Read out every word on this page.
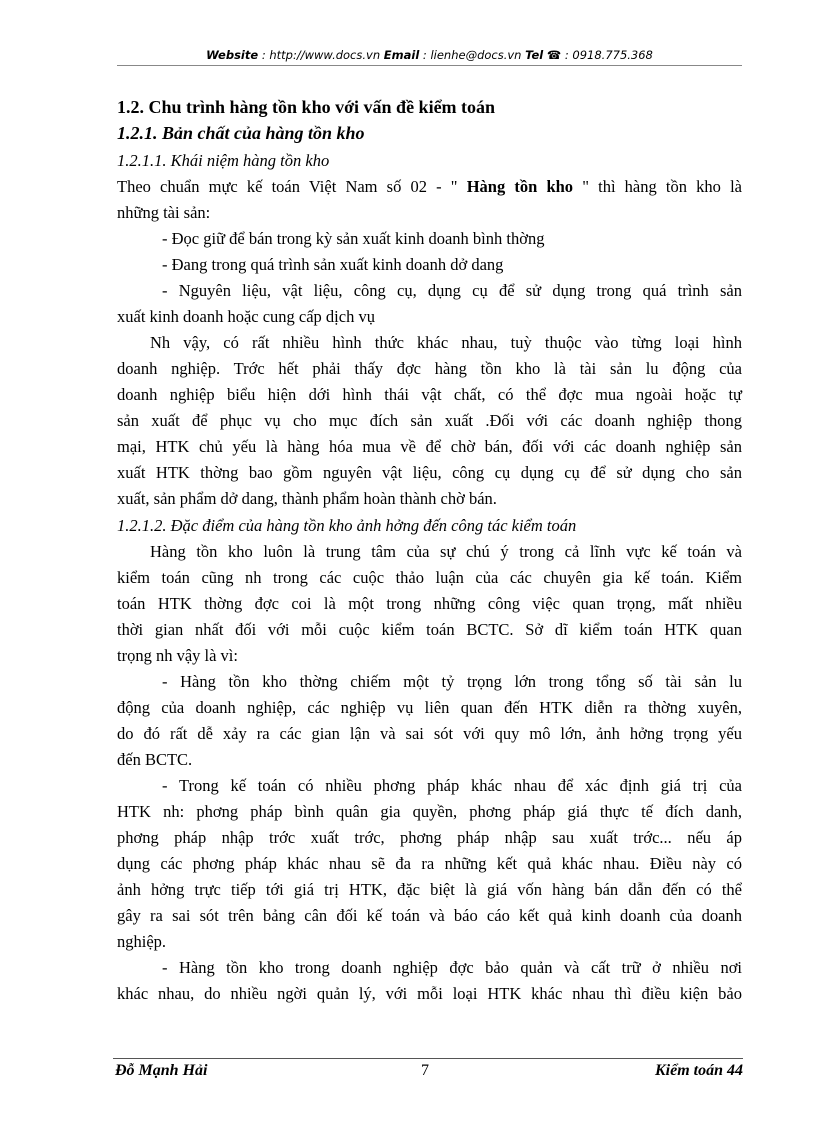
Website : http://www.docs.vn Email : lienhe@docs.vn Tel ☎ : 0918.775.368
1.2. Chu trình hàng tồn kho với vấn đề kiểm toán
1.2.1. Bản chất của hàng tồn kho
1.2.1.1. Khái niệm hàng tồn kho
Theo chuẩn mực kế toán Việt Nam số 02 - " Hàng tồn kho " thì hàng tồn kho là
những tài sản:
- Đọc giữ để bán trong kỳ sản xuất kinh doanh bình thờng
- Đang trong quá trình sản xuất kinh doanh dở dang
- Nguyên liệu, vật liệu, công cụ, dụng cụ để sử dụng trong quá trình sản
xuất kinh doanh hoặc cung cấp dịch vụ
Nh vậy, có rất nhiều hình thức khác nhau, tuỳ thuộc vào từng loại hình
doanh nghiệp. Trớc hết phải thấy đợc hàng tồn kho là tài sản lu động của
doanh nghiệp biểu hiện dới hình thái vật chất, có thể đợc mua ngoài hoặc tự
sản xuất để phục vụ cho mục đích sản xuất .Đối với các doanh nghiệp thong
mại, HTK chủ yếu là hàng hóa mua về để chờ bán, đối với các doanh nghiệp sản
xuất HTK thờng bao gồm nguyên vật liệu, công cụ dụng cụ để sử dụng cho sản
xuất, sản phẩm dở dang, thành phẩm hoàn thành chờ bán.
1.2.1.2. Đặc điểm của hàng tồn kho ảnh hởng đến công tác kiểm toán
Hàng tồn kho luôn là trung tâm của sự chú ý trong cả lĩnh vực kế toán và
kiểm toán cũng nh trong các cuộc thảo luận của các chuyên gia kế toán. Kiểm
toán HTK thờng đợc coi là một trong những công việc quan trọng, mất nhiều
thời gian nhất đối với mỗi cuộc kiểm toán BCTC. Sở dĩ kiểm toán HTK quan
trọng nh vậy là vì:
- Hàng tồn kho thờng chiếm một tỷ trọng lớn trong tổng số tài sản lu
động của doanh nghiệp, các nghiệp vụ liên quan đến HTK diễn ra thờng xuyên,
do đó rất dễ xảy ra các gian lận và sai sót với quy mô lớn, ảnh hởng trọng yếu
đến BCTC.
- Trong kế toán có nhiều phơng pháp khác nhau để xác định giá trị của
HTK nh: phơng pháp bình quân gia quyền, phơng pháp giá thực tế đích danh,
phơng pháp nhập trớc xuất trớc, phơng pháp nhập sau xuất trớc... nếu áp
dụng các phơng pháp khác nhau sẽ đa ra những kết quả khác nhau. Điều này có
ảnh hởng trực tiếp tới giá trị HTK, đặc biệt là giá vốn hàng bán dẫn đến có thể
gây ra sai sót trên bảng cân đối kế toán và báo cáo kết quả kinh doanh của doanh
nghiệp.
- Hàng tồn kho trong doanh nghiệp đợc bảo quản và cất trữ ở nhiều nơi
khác nhau, do nhiều ngời quản lý, với mỗi loại HTK khác nhau thì điều kiện bảo
Đỗ Mạnh Hải	7	Kiểm toán 44
